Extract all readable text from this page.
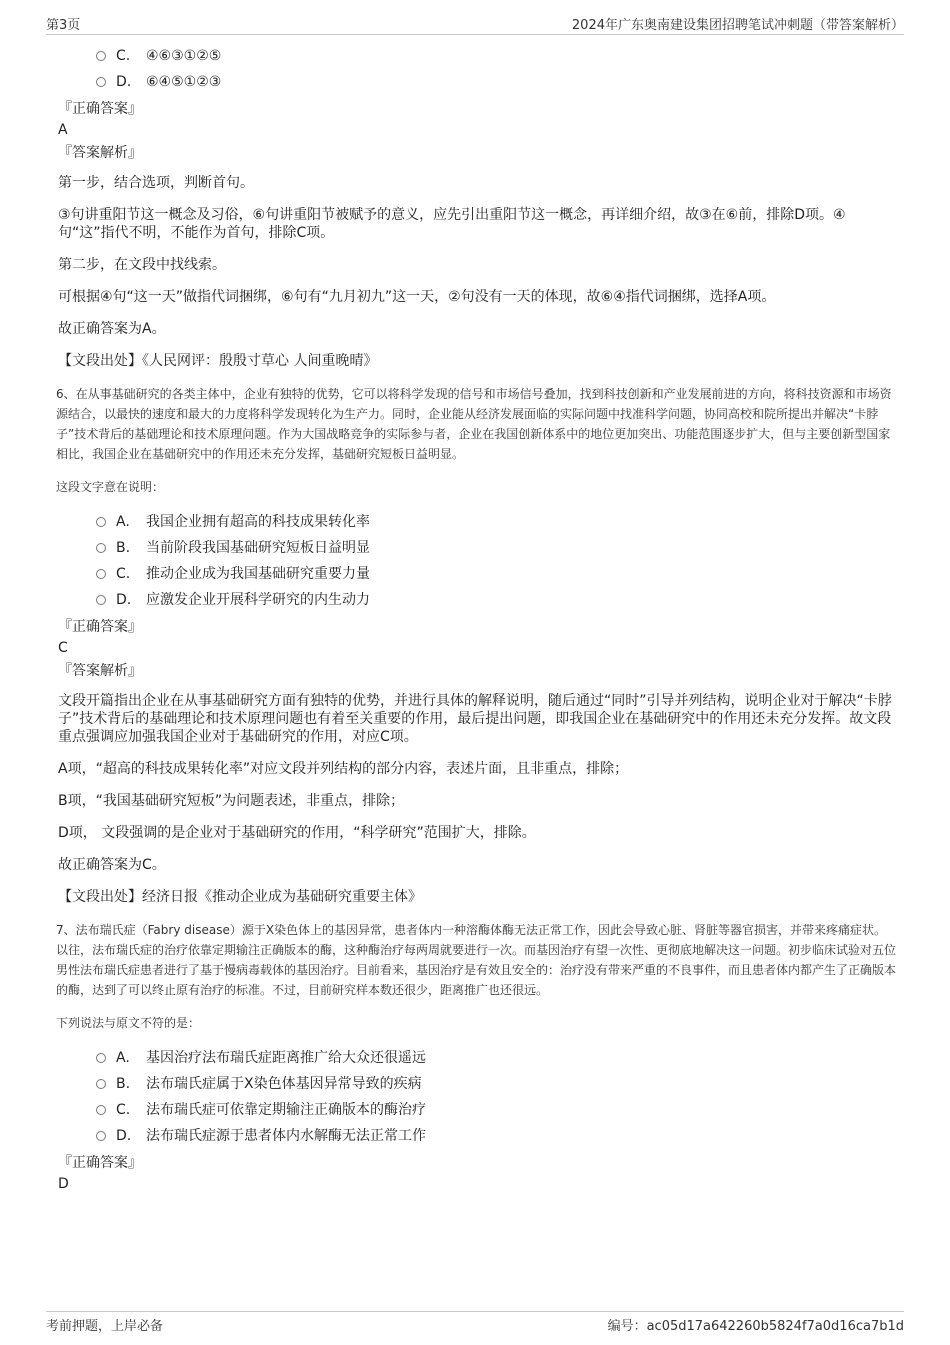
第3页	2024年广东奥南建设集团招聘笔试冲刺题（带答案解析）
C. ④⑥③①②⑤
D. ⑥④⑤①②③
『正确答案』
A
『答案解析』
第一步，结合选项，判断首句。
③句讲重阳节这一概念及习俗，⑥句讲重阳节被赋予的意义，应先引出重阳节这一概念，再详细介绍，故③在⑥前，排除D项。④句“这”指代不明，不能作为首句，排除C项。
第二步，在文段中找线索。
可根据④句“这一天”做指代词捆绑，⑥句有“九月初九”这一天，②句没有一天的体现，故⑥④指代词捆绑，选择A项。
故正确答案为A。
【文段出处】《人民网评：殷殷寸草心 人间重晚晴》
6、在从事基础研究的各类主体中，企业有独特的优势，它可以将科学发现的信号和市场信号叠加，找到科技创新和产业发展前进的方向，将科技资源和市场资源结合，以最快的速度和最大的力度将科学发现转化为生产力。同时，企业能从经济发展面临的实际问题中找准科学问题，协同高校和院所提出并解决“卡脖子”技术背后的基础理论和技术原理问题。作为大国战略竞争的实际参与者，企业在我国创新体系中的地位更加突出、功能范围逐步扩大，但与主要创新型国家相比，我国企业在基础研究中的作用还未充分发挥，基础研究短板日益明显。
这段文字意在说明：
A. 我国企业拥有超高的科技成果转化率
B. 当前阶段我国基础研究短板日益明显
C. 推动企业成为我国基础研究重要力量
D. 应激发企业开展科学研究的内生动力
『正确答案』
C
『答案解析』
文段开篇指出企业在从事基础研究方面有独特的优势，并进行具体的解释说明，随后通过“同时”引导并列结构，说明企业对于解决“卡脖子”技术背后的基础理论和技术原理问题也有着至关重要的作用，最后提出问题，即我国企业在基础研究中的作用还未充分发挥。故文段重点强调应加强我国企业对于基础研究的作用，对应C项。
A项，“超高的科技成果转化率”对应文段并列结构的部分内容，表述片面，且非重点，排除；
B项，“我国基础研究短板”为问题表述，非重点，排除；
D项， 文段强调的是企业对于基础研究的作用，“科学研究”范围扩大，排除。
故正确答案为C。
【文段出处】经济日报《推动企业成为基础研究重要主体》
7、法布瑞氏症（Fabry disease）源于X染色体上的基因异常，患者体内一种溶酶体酶无法正常工作，因此会导致心脏、肾脏等器官损害，并带来疼痛症状。以往，法布瑞氏症的治疗依靠定期输注正确版本的酶，这种酶治疗每两周就要进行一次。而基因治疗有望一次性、更彻底地解决这一问题。初步临床试验对五位男性法布瑞氏症患者进行了基于慢病毒载体的基因治疗。目前看来，基因治疗是有效且安全的：治疗没有带来严重的不良事件，而且患者体内都产生了正确版本的酶，达到了可以终止原有治疗的标准。不过，目前研究样本数还很少，距离推广也还很远。
下列说法与原文不符的是：
A. 基因治疗法布瑞氏症距离推广给大众还很遥远
B. 法布瑞氏症属于X染色体基因异常导致的疾病
C. 法布瑞氏症可依靠定期输注正确版本的酶治疗
D. 法布瑞氏症源于患者体内水解酶无法正常工作
『正确答案』
D
考前押题，上岸必备	编号：ac05d17a642260b5824f7a0d16ca7b1d
